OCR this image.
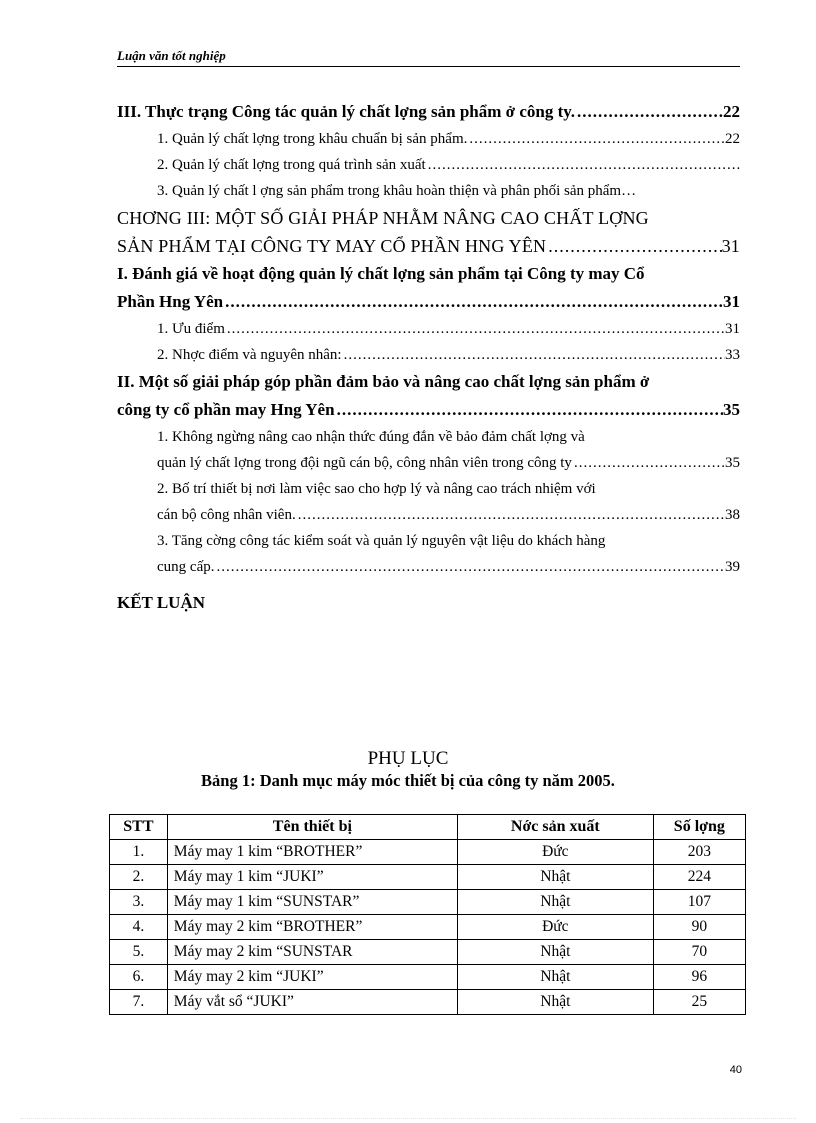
Luận văn tốt nghiệp
III. Thực trạng Công tác quản lý chất lợng sản phẩm ở công ty. .....	22
1. Quản lý chất lợng trong khâu chuẩn bị sản phẩm. .....	22
2. Quản lý chất lợng trong quá trình sản xuất
.....
3. Quản lý chất l ợng sản phẩm trong khâu hoàn thiện và phân phối sản phẩm…
CHƠNG III: MỘT SỐ GIẢI PHÁP NHẰM NÂNG CAO CHẤT LỢNG
SẢN PHẨM TẠI CÔNG TY MAY CỔ PHẦN HNG YÊN .....	31
I. Đánh giá về hoạt động quản lý chất lợng sản phẩm tại Công ty may Cổ
Phần Hng Yên .....	31
1. Ưu điểm .....	31
2. Nhợc điểm và nguyên nhân: .....	33
II. Một số giải pháp góp phần đảm bảo và nâng cao chất lợng sản phẩm ở
công ty cổ phần may Hng Yên .....	35
1. Không ngừng nâng cao nhận thức đúng đắn về bảo đảm chất lợng và
quản lý chất lợng trong đội ngũ cán bộ, công nhân viên trong công ty .....	35
2. Bố trí thiết bị nơi làm việc sao cho hợp lý và nâng cao trách nhiệm với
cán bộ công nhân viên. .....	38
3. Tăng cờng công tác kiểm soát và quản lý nguyên vật liệu do khách hàng
cung cấp. .....	39
KẾT LUẬN
PHỤ LỤC
Bảng 1: Danh mục máy móc thiết bị của công ty năm 2005.
STT	Tên thiết bị	Nớc sản xuất	Số lợng
1.	Máy may 1 kim “BROTHER”	Đức	203
2.	Máy may 1 kim “JUKI”	Nhật	224
3.	Máy may 1 kim “SUNSTAR”	Nhật	107
4.	Máy may 2 kim “BROTHER”	Đức	90
5.	Máy may 2 kim “SUNSTAR	Nhật	70
6.	Máy may 2 kim “JUKI”	Nhật	96
7.	Máy vắt sổ “JUKI”	Nhật	25
40
